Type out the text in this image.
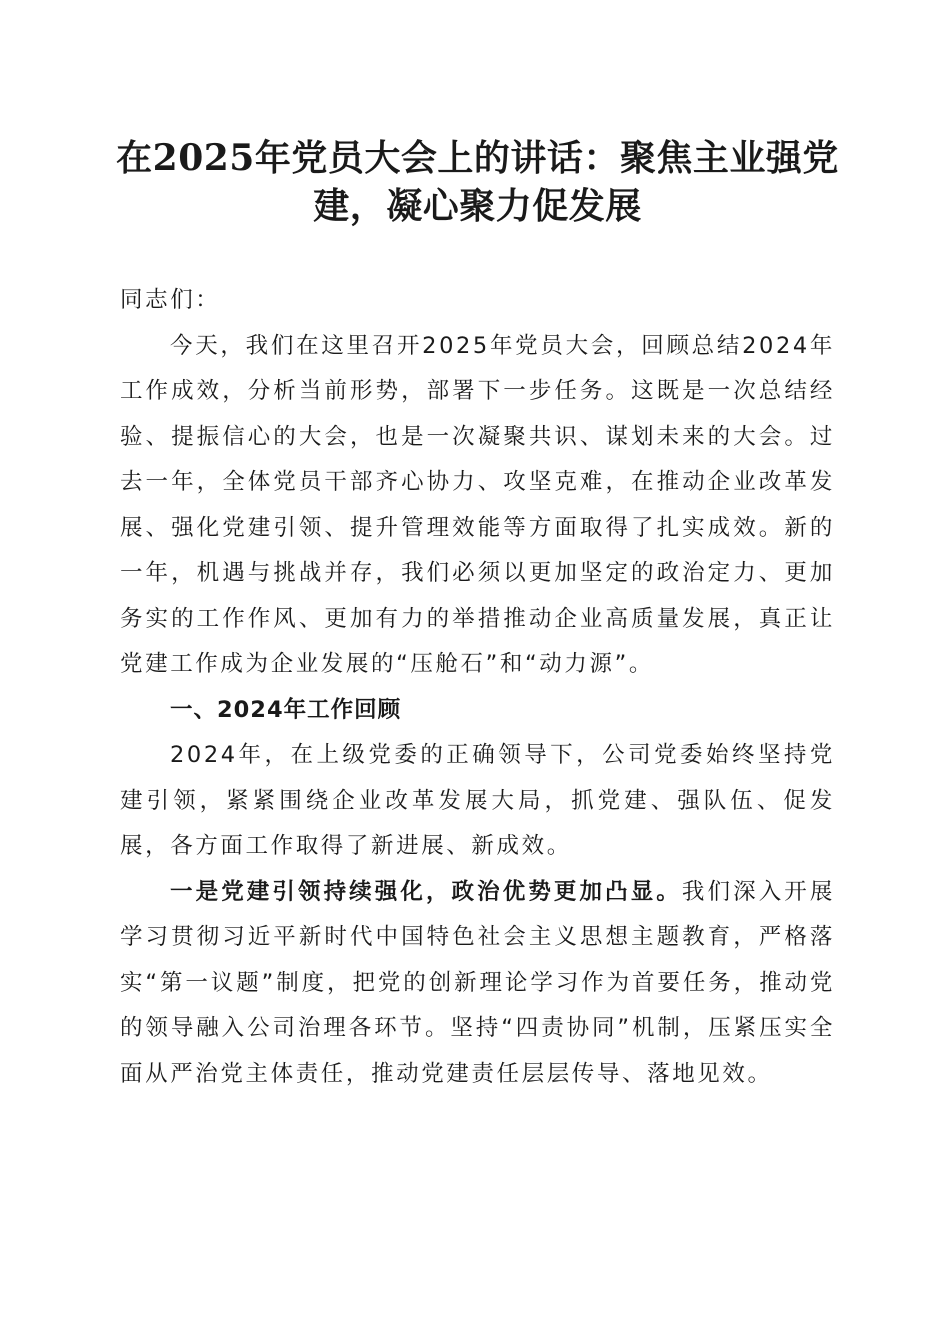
在2025年党员大会上的讲话：聚焦主业强党建，凝心聚力促发展

同志们：

今天，我们在这里召开2025年党员大会，回顾总结2024年工作成效，分析当前形势，部署下一步任务。这既是一次总结经验、提振信心的大会，也是一次凝聚共识、谋划未来的大会。过去一年，全体党员干部齐心协力、攻坚克难，在推动企业改革发展、强化党建引领、提升管理效能等方面取得了扎实成效。新的一年，机遇与挑战并存，我们必须以更加坚定的政治定力、更加务实的工作作风、更加有力的举措推动企业高质量发展，真正让党建工作成为企业发展的“压舱石”和“动力源”。

一、2024年工作回顾

2024年，在上级党委的正确领导下，公司党委始终坚持党建引领，紧紧围绕企业改革发展大局，抓党建、强队伍、促发展，各方面工作取得了新进展、新成效。

一是党建引领持续强化，政治优势更加凸显。我们深入开展学习贯彻习近平新时代中国特色社会主义思想主题教育，严格落实“第一议题”制度，把党的创新理论学习作为首要任务，推动党的领导融入公司治理各环节。坚持“四责协同”机制，压紧压实全面从严治党主体责任，推动党建责任层层传导、落地见效。
